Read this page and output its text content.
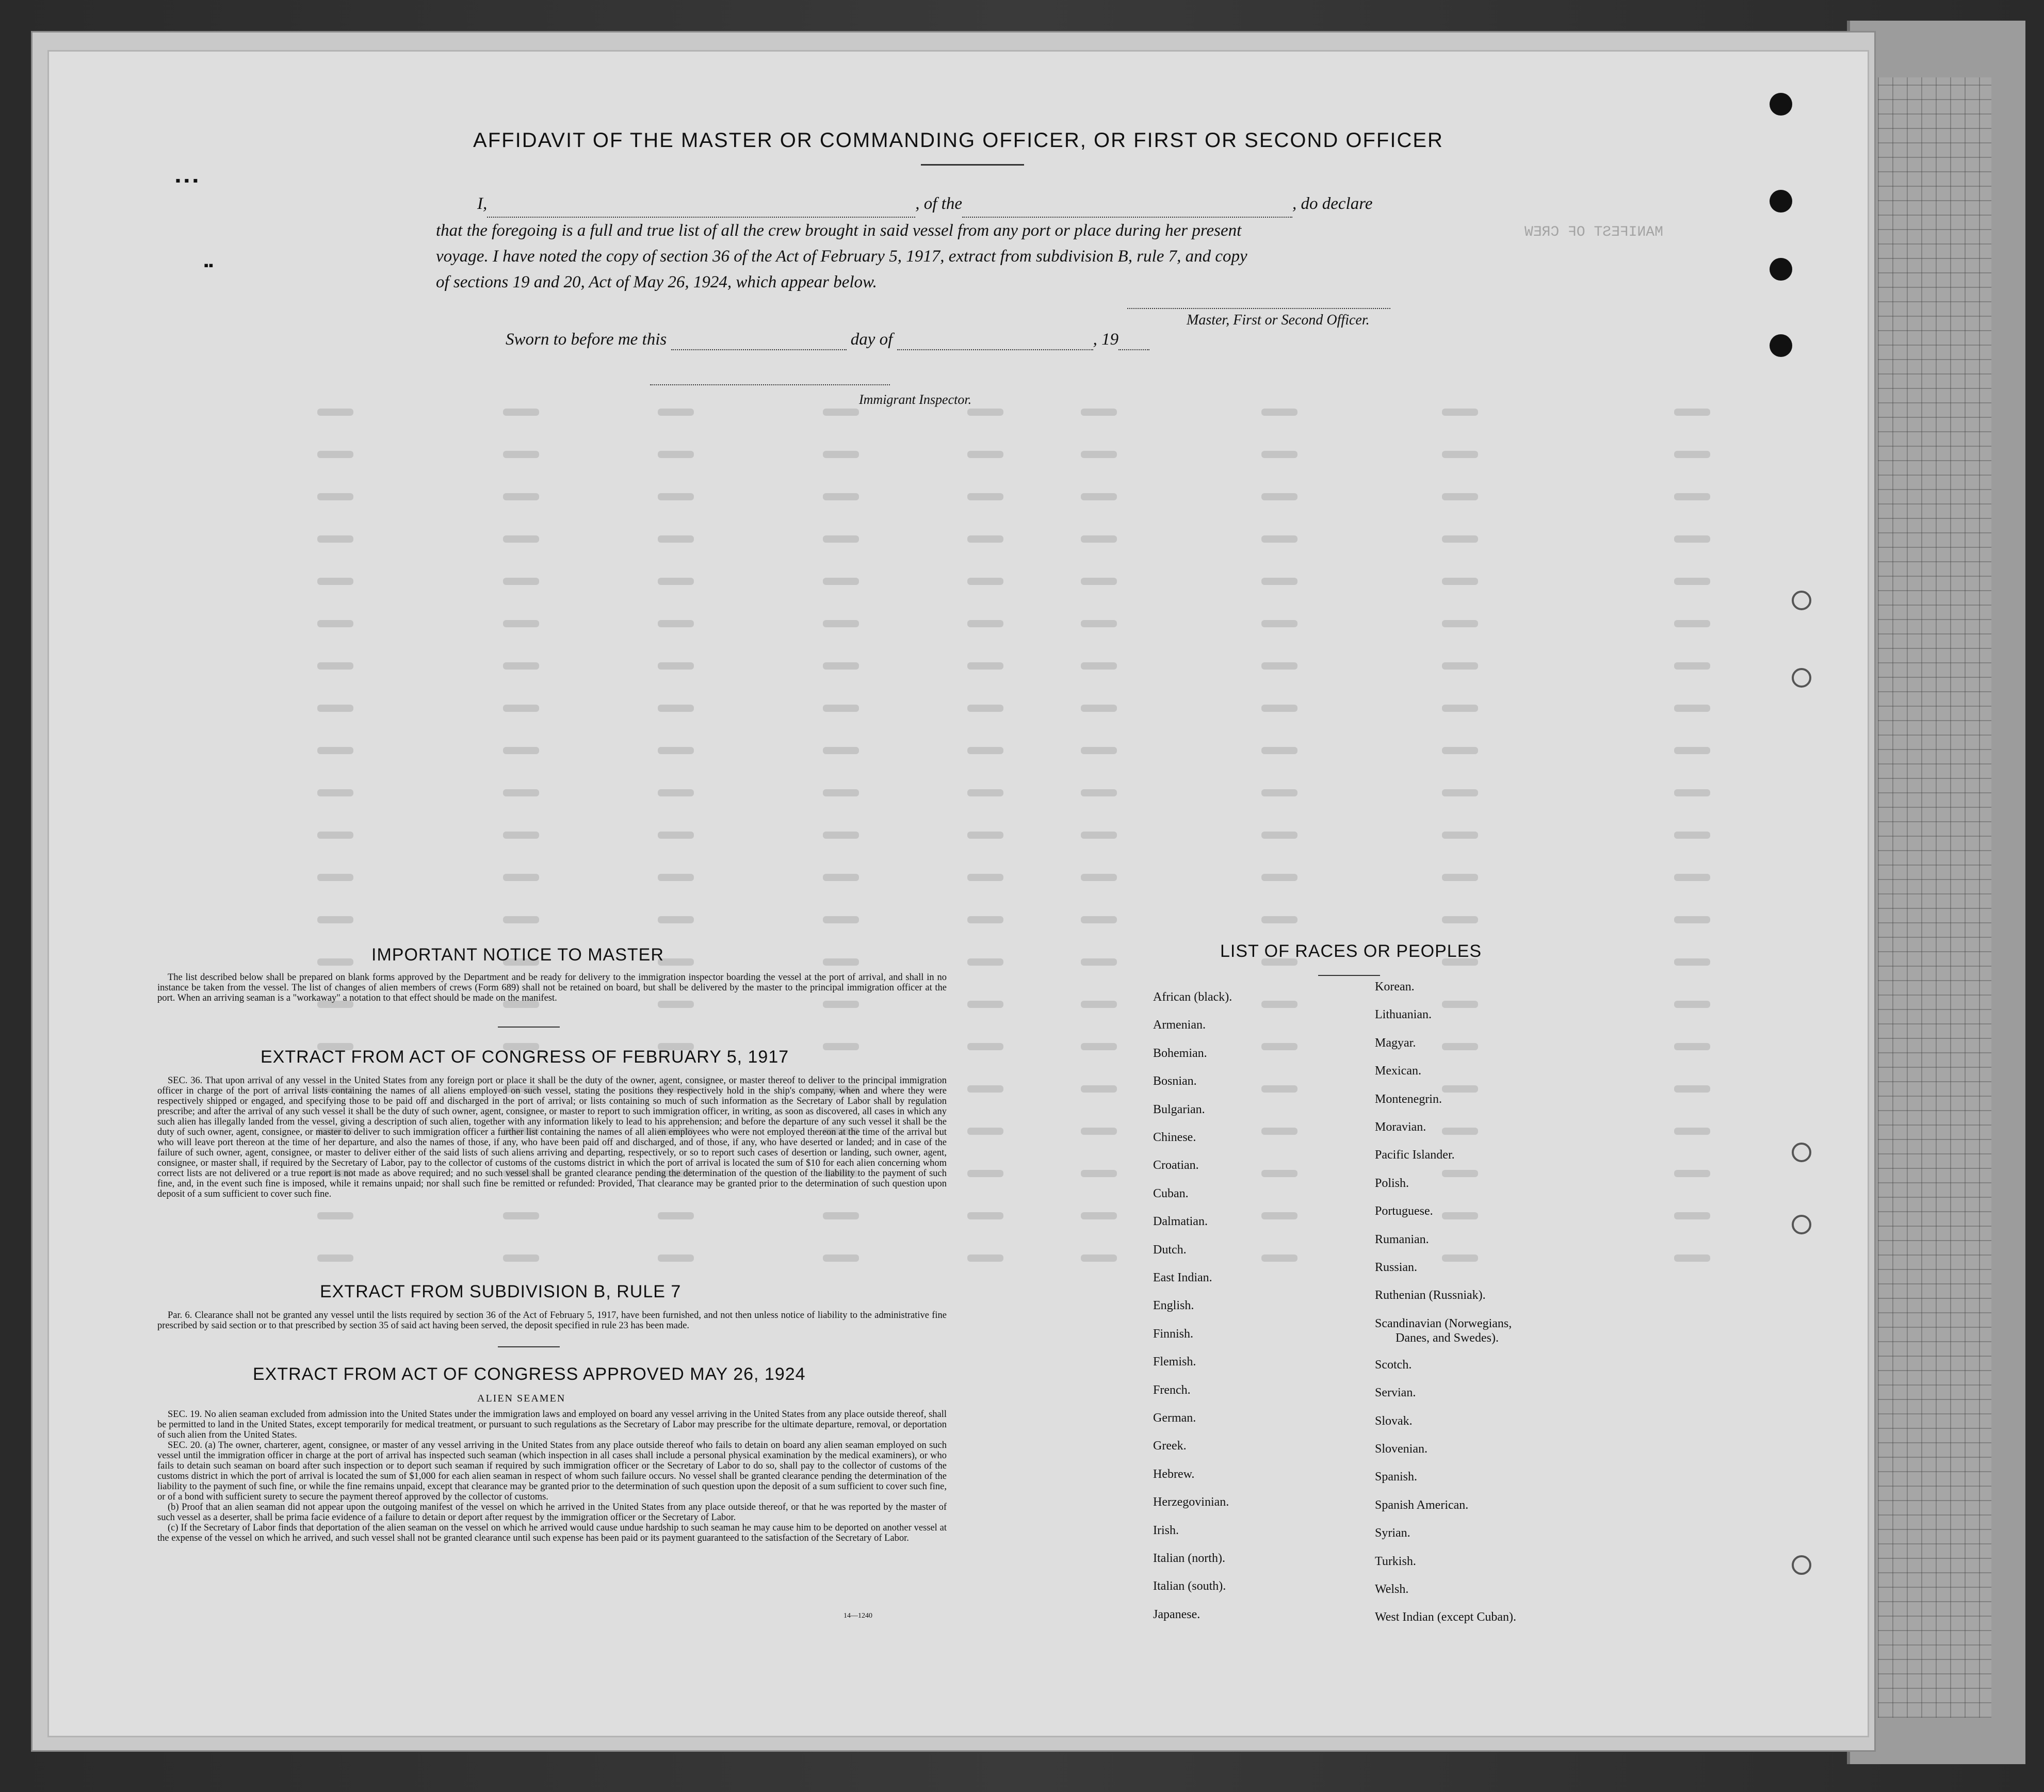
MANIFEST OF CREW
▪ ▪ ▪
▪▪
AFFIDAVIT OF THE MASTER OR COMMANDING OFFICER, OR FIRST OR SECOND OFFICER
I,	, of the	, do declare
that the foregoing is a full and true list of all the crew brought in said vessel from any port or place during her present
voyage. I have noted the copy of section 36 of the Act of February 5, 1917, extract from subdivision B, rule 7, and copy
of sections 19 and 20, Act of May 26, 1924, which appear below.
Master, First or Second Officer.
Sworn to before me this	day of	, 19
Immigrant Inspector.
IMPORTANT NOTICE TO MASTER

The list described below shall be prepared on blank forms approved by the Department and be ready for delivery to the immigration inspector boarding the vessel at the port of arrival, and shall in no instance be taken from the vessel. The list of changes of alien members of crews (Form 689) shall not be retained on board, but shall be delivered by the master to the principal immigration officer at the port. When an arriving seaman is a "workaway" a notation to that effect should be made on the manifest.

EXTRACT FROM ACT OF CONGRESS OF FEBRUARY 5, 1917

SEC. 36. That upon arrival of any vessel in the United States from any foreign port or place it shall be the duty of the owner, agent, consignee, or master thereof to deliver to the principal immigration officer in charge of the port of arrival lists containing the names of all aliens employed on such vessel, stating the positions they respectively hold in the ship's company, when and where they were respectively shipped or engaged, and specifying those to be paid off and discharged in the port of arrival; or lists containing so much of such information as the Secretary of Labor shall by regulation prescribe; and after the arrival of any such vessel it shall be the duty of such owner, agent, consignee, or master to report to such immigration officer, in writing, as soon as discovered, all cases in which any such alien has illegally landed from the vessel, giving a description of such alien, together with any information likely to lead to his apprehension; and before the departure of any such vessel it shall be the duty of such owner, agent, consignee, or master to deliver to such immigration officer a further list containing the names of all alien employees who were not employed thereon at the time of the arrival but who will leave port thereon at the time of her departure, and also the names of those, if any, who have been paid off and discharged, and of those, if any, who have deserted or landed; and in case of the failure of such owner, agent, consignee, or master to deliver either of the said lists of such aliens arriving and departing, respectively, or so to report such cases of desertion or landing, such owner, agent, consignee, or master shall, if required by the Secretary of Labor, pay to the collector of customs of the customs district in which the port of arrival is located the sum of $10 for each alien concerning whom correct lists are not delivered or a true report is not made as above required; and no such vessel shall be granted clearance pending the determination of the question of the liability to the payment of such fine, and, in the event such fine is imposed, while it remains unpaid; nor shall such fine be remitted or refunded: Provided, That clearance may be granted prior to the determination of such question upon deposit of a sum sufficient to cover such fine.

EXTRACT FROM SUBDIVISION B, RULE 7

Par. 6. Clearance shall not be granted any vessel until the lists required by section 36 of the Act of February 5, 1917, have been furnished, and not then unless notice of liability to the administrative fine prescribed by said section or to that prescribed by section 35 of said act having been served, the deposit specified in rule 23 has been made.

EXTRACT FROM ACT OF CONGRESS APPROVED MAY 26, 1924
ALIEN SEAMEN

SEC. 19. No alien seaman excluded from admission into the United States under the immigration laws and employed on board any vessel arriving in the United States from any place outside thereof, shall be permitted to land in the United States, except temporarily for medical treatment, or pursuant to such regulations as the Secretary of Labor may prescribe for the ultimate departure, removal, or deportation of such alien from the United States.

SEC. 20. (a) The owner, charterer, agent, consignee, or master of any vessel arriving in the United States from any place outside thereof who fails to detain on board any alien seaman employed on such vessel until the immigration officer in charge at the port of arrival has inspected such seaman (which inspection in all cases shall include a personal physical examination by the medical examiners), or who fails to detain such seaman on board after such inspection or to deport such seaman if required by such immigration officer or the Secretary of Labor to do so, shall pay to the collector of customs of the customs district in which the port of arrival is located the sum of $1,000 for each alien seaman in respect of whom such failure occurs. No vessel shall be granted clearance pending the determination of the liability to the payment of such fine, or while the fine remains unpaid, except that clearance may be granted prior to the determination of such question upon the deposit of a sum sufficient to cover such fine, or of a bond with sufficient surety to secure the payment thereof approved by the collector of customs.

(b) Proof that an alien seaman did not appear upon the outgoing manifest of the vessel on which he arrived in the United States from any place outside thereof, or that he was reported by the master of such vessel as a deserter, shall be prima facie evidence of a failure to detain or deport after request by the immigration officer or the Secretary of Labor.

(c) If the Secretary of Labor finds that deportation of the alien seaman on the vessel on which he arrived would cause undue hardship to such seaman he may cause him to be deported on another vessel at the expense of the vessel on which he arrived, and such vessel shall not be granted clearance until such expense has been paid or its payment guaranteed to the satisfaction of the Secretary of Labor.

14—1240
LIST OF RACES OR PEOPLES
African (black).
Armenian.
Bohemian.
Bosnian.
Bulgarian.
Chinese.
Croatian.
Cuban.
Dalmatian.
Dutch.
East Indian.
English.
Finnish.
Flemish.
French.
German.
Greek.
Hebrew.
Herzegovinian.
Irish.
Italian (north).
Italian (south).
Japanese.
Korean.
Lithuanian.
Magyar.
Mexican.
Montenegrin.
Moravian.
Pacific Islander.
Polish.
Portuguese.
Rumanian.
Russian.
Ruthenian (Russniak).
Scandinavian (Norwegians,
Danes, and Swedes).
Scotch.
Servian.
Slovak.
Slovenian.
Spanish.
Spanish American.
Syrian.
Turkish.
Welsh.
West Indian (except Cuban).
